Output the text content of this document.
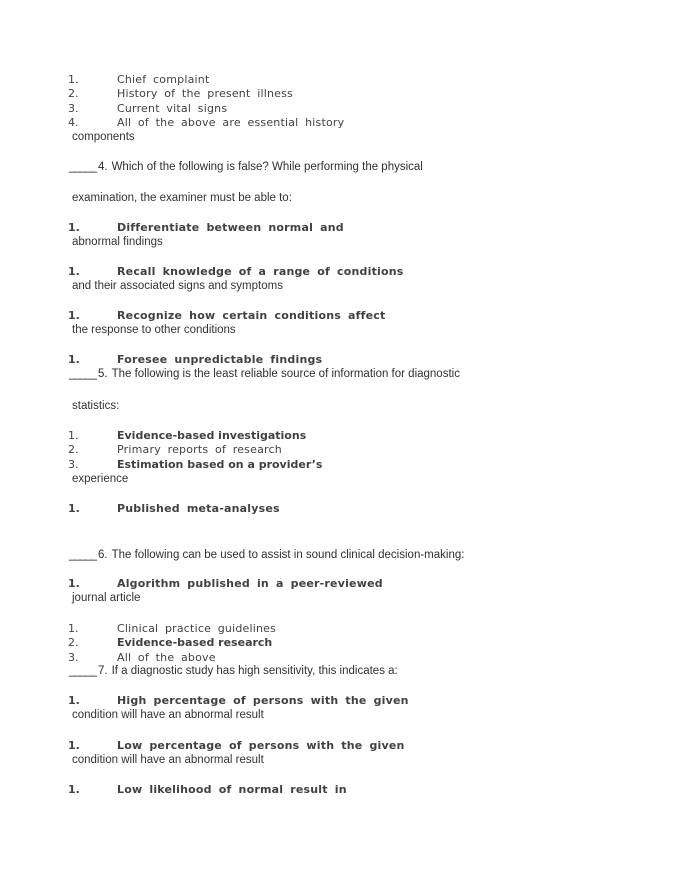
1.	Chief complaint
2.	History of the present illness
3.	Current vital signs
4.	All of the above are essential history
components
_____ 4. Which of the following is false? While performing the physical
examination, the examiner must be able to:
1.	Differentiate between normal and
abnormal findings
1.	Recall knowledge of a range of conditions
and their associated signs and symptoms
1.	Recognize how certain conditions affect
the response to other conditions
1.	Foresee unpredictable findings
_____ 5. The following is the least reliable source of information for diagnostic
statistics:
1.	Evidence-based investigations
2.	Primary reports of research
3.	Estimation based on a provider’s
experience
1.	Published meta-analyses
_____ 6. The following can be used to assist in sound clinical decision-making:
1.	Algorithm published in a peer-reviewed
journal article
1.	Clinical practice guidelines
2.	Evidence-based research
3.	All of the above
_____ 7. If a diagnostic study has high sensitivity, this indicates a:
1.	High percentage of persons with the given
condition will have an abnormal result
1.	Low percentage of persons with the given
condition will have an abnormal result
1.	Low likelihood of normal result in
